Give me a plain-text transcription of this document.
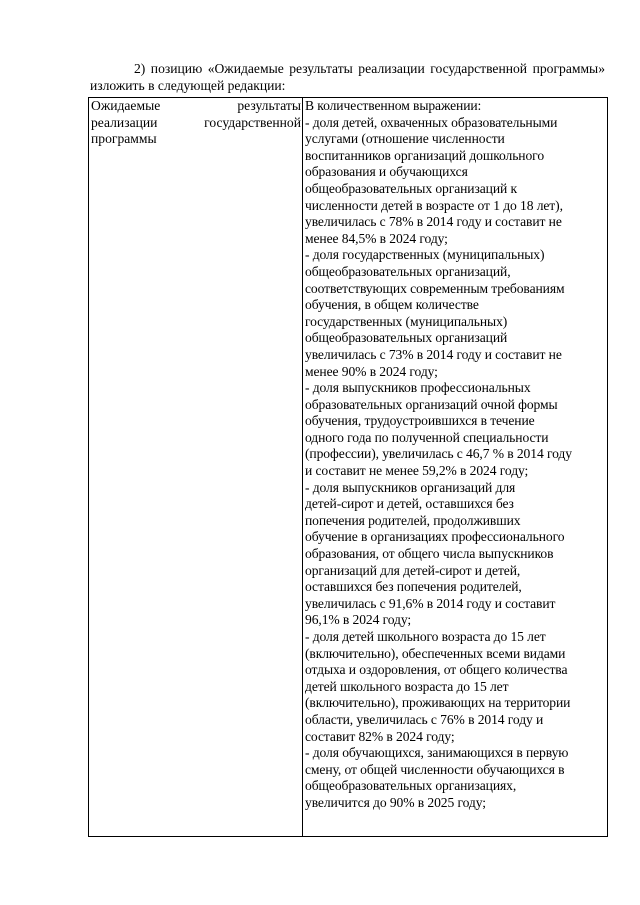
2) позицию «Ожидаемые результаты реализации государственной программы» изложить в следующей редакции:
Ожидаемые результаты
реализации государственной
программы
В количественном выражении:
- доля детей, охваченных образовательными
услугами (отношение численности
воспитанников организаций дошкольного
образования и обучающихся
общеобразовательных организаций к
численности детей в возрасте от 1 до 18 лет),
увеличилась с 78% в 2014 году и составит не
менее 84,5% в 2024 году;
- доля государственных (муниципальных)
общеобразовательных организаций,
соответствующих современным требованиям
обучения, в общем количестве
государственных (муниципальных)
общеобразовательных организаций
увеличилась с 73% в 2014 году и составит не
менее 90% в 2024 году;
- доля выпускников профессиональных
образовательных организаций очной формы
обучения, трудоустроившихся в течение
одного года по полученной специальности
(профессии), увеличилась с 46,7 % в 2014 году
и составит не менее 59,2% в 2024 году;
- доля выпускников организаций для
детей-сирот и детей, оставшихся без
попечения родителей, продолживших
обучение в организациях профессионального
образования, от общего числа выпускников
организаций для детей-сирот и детей,
оставшихся без попечения родителей,
увеличилась с 91,6% в 2014 году и составит
96,1% в 2024 году;
- доля детей школьного возраста до 15 лет
(включительно), обеспеченных всеми видами
отдыха и оздоровления, от общего количества
детей школьного возраста до 15 лет
(включительно), проживающих на территории
области, увеличилась с 76% в 2014 году и
составит 82% в 2024 году;
- доля обучающихся, занимающихся в первую
смену, от общей численности обучающихся в
общеобразовательных организациях,
увеличится до 90% в 2025 году;
